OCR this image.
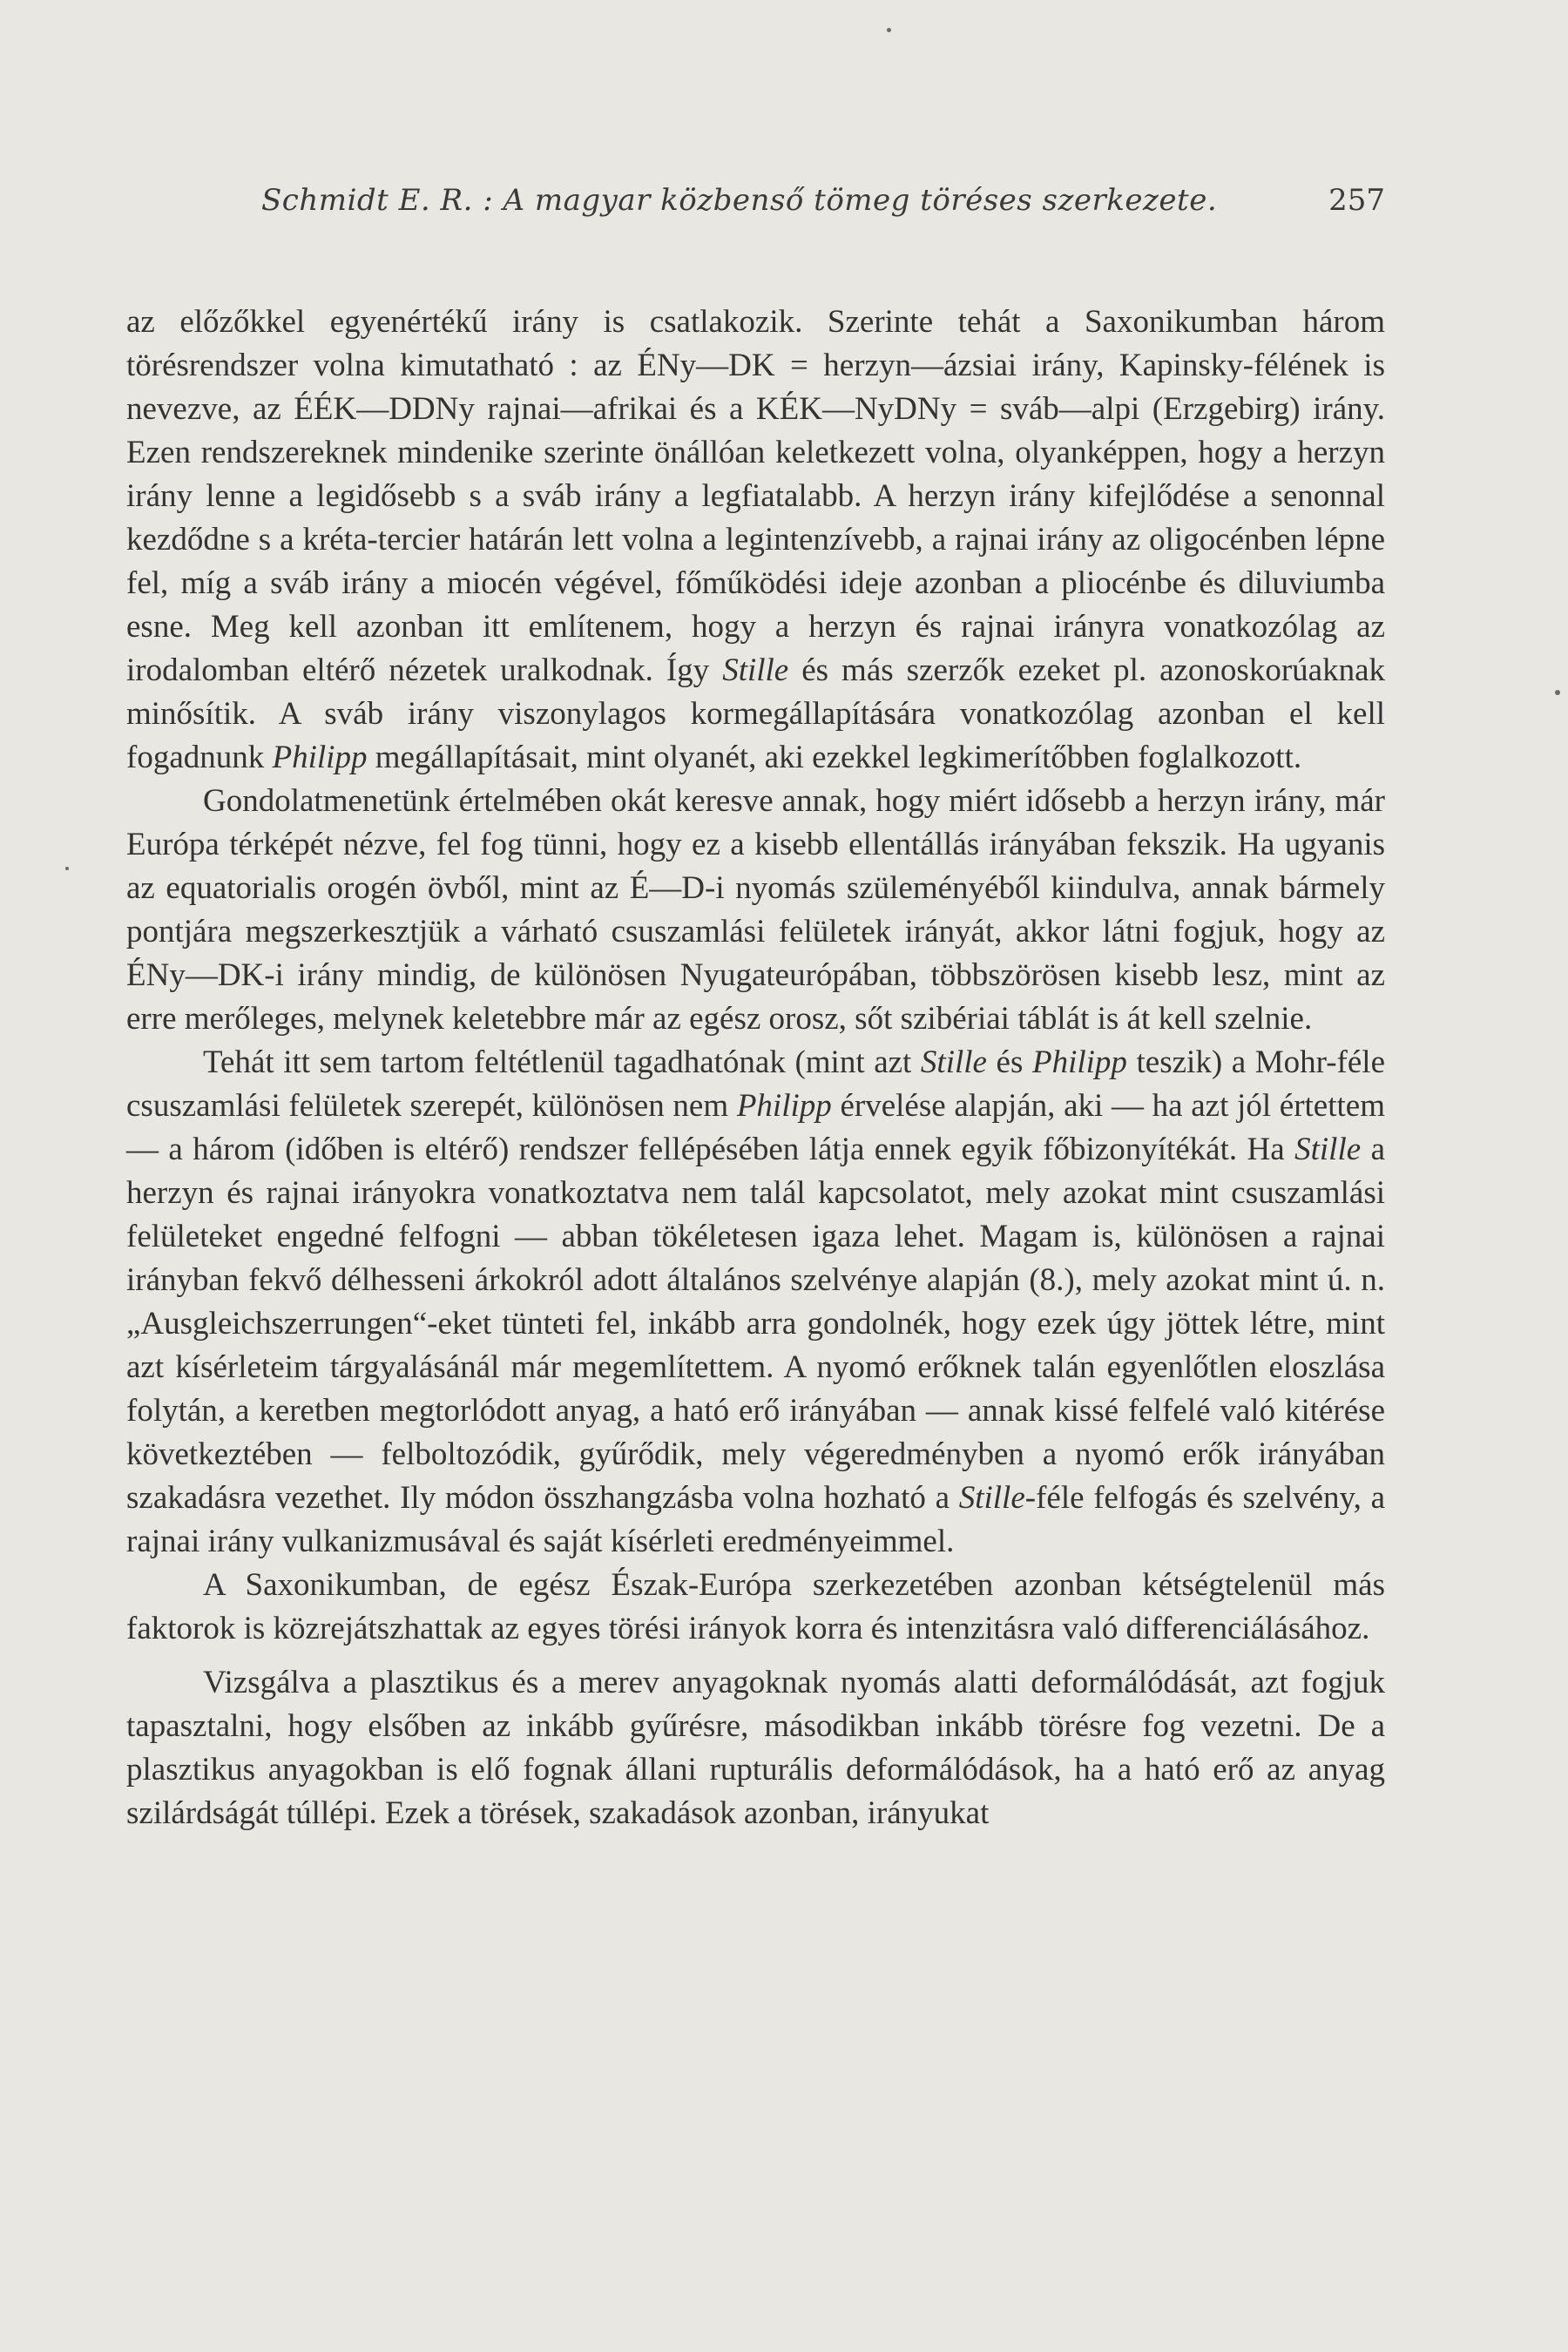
Schmidt E. R. : A magyar közbenső tömeg töréses szerkezete.	257

az előzőkkel egyenértékű irány is csatlakozik. Szerinte tehát a Saxonikumban három törésrendszer volna kimutatható : az ÉNy—DK = herzyn—ázsiai irány, Kapinsky-félének is nevezve, az ÉÉK—DDNy rajnai—afrikai és a KÉK—NyDNy = sváb—alpi (Erzgebirg) irány. Ezen rendszereknek mindenike szerinte önállóan keletkezett volna, olyanképpen, hogy a herzyn irány lenne a legidősebb s a sváb irány a legfiatalabb. A herzyn irány kifejlődése a senonnal kezdődne s a kréta-tercier határán lett volna a legintenzívebb, a rajnai irány az oligocénben lépne fel, míg a sváb irány a miocén végével, főműködési ideje azonban a pliocénbe és diluviumba esne. Meg kell azonban itt említenem, hogy a herzyn és rajnai irányra vonatkozólag az irodalomban eltérő nézetek uralkodnak. Így Stille és más szerzők ezeket pl. azonoskorúaknak minősítik. A sváb irány viszonylagos kormegállapítására vonatkozólag azonban el kell fogadnunk Philipp megállapításait, mint olyanét, aki ezekkel legkimerítőbben foglalkozott.

Gondolatmenetünk értelmében okát keresve annak, hogy miért idősebb a herzyn irány, már Európa térképét nézve, fel fog tünni, hogy ez a kisebb ellentállás irányában fekszik. Ha ugyanis az equatorialis orogén övből, mint az É—D-i nyomás szüleményéből kiindulva, annak bármely pontjára megszerkesztjük a várható csuszamlási felületek irányát, akkor látni fogjuk, hogy az ÉNy—DK-i irány mindig, de különösen Nyugateurópában, többszörösen kisebb lesz, mint az erre merőleges, melynek keletebbre már az egész orosz, sőt szibériai táblát is át kell szelnie.

Tehát itt sem tartom feltétlenül tagadhatónak (mint azt Stille és Philipp teszik) a Mohr-féle csuszamlási felületek szerepét, különösen nem Philipp érvelése alapján, aki — ha azt jól értettem — a három (időben is eltérő) rendszer fellépésében látja ennek egyik főbizonyítékát. Ha Stille a herzyn és rajnai irányokra vonatkoztatva nem talál kapcsolatot, mely azokat mint csuszamlási felületeket engedné felfogni — abban tökéletesen igaza lehet. Magam is, különösen a rajnai irányban fekvő délhesseni árkokról adott általános szelvénye alapján (8.), mely azokat mint ú. n. „Ausgleichszerrungen“-eket tünteti fel, inkább arra gondolnék, hogy ezek úgy jöttek létre, mint azt kísérleteim tárgyalásánál már megemlítettem. A nyomó erőknek talán egyenlőtlen eloszlása folytán, a keretben megtorlódott anyag, a ható erő irányában — annak kissé felfelé való kitérése következtében — felboltozódik, gyűrődik, mely végeredményben a nyomó erők irányában szakadásra vezethet. Ily módon összhangzásba volna hozható a Stille-féle felfogás és szelvény, a rajnai irány vulkanizmusával és saját kísérleti eredményeimmel.

A Saxonikumban, de egész Észak-Európa szerkezetében azonban kétségtelenül más faktorok is közrejátszhattak az egyes törési irányok korra és intenzitásra való differenciálásához.

Vizsgálva a plasztikus és a merev anyagoknak nyomás alatti deformálódását, azt fogjuk tapasztalni, hogy elsőben az inkább gyűrésre, másodikban inkább törésre fog vezetni. De a plasztikus anyagokban is elő fognak állani rupturális deformálódások, ha a ható erő az anyag szilárdságát túllépi. Ezek a törések, szakadások azonban, irányukat
